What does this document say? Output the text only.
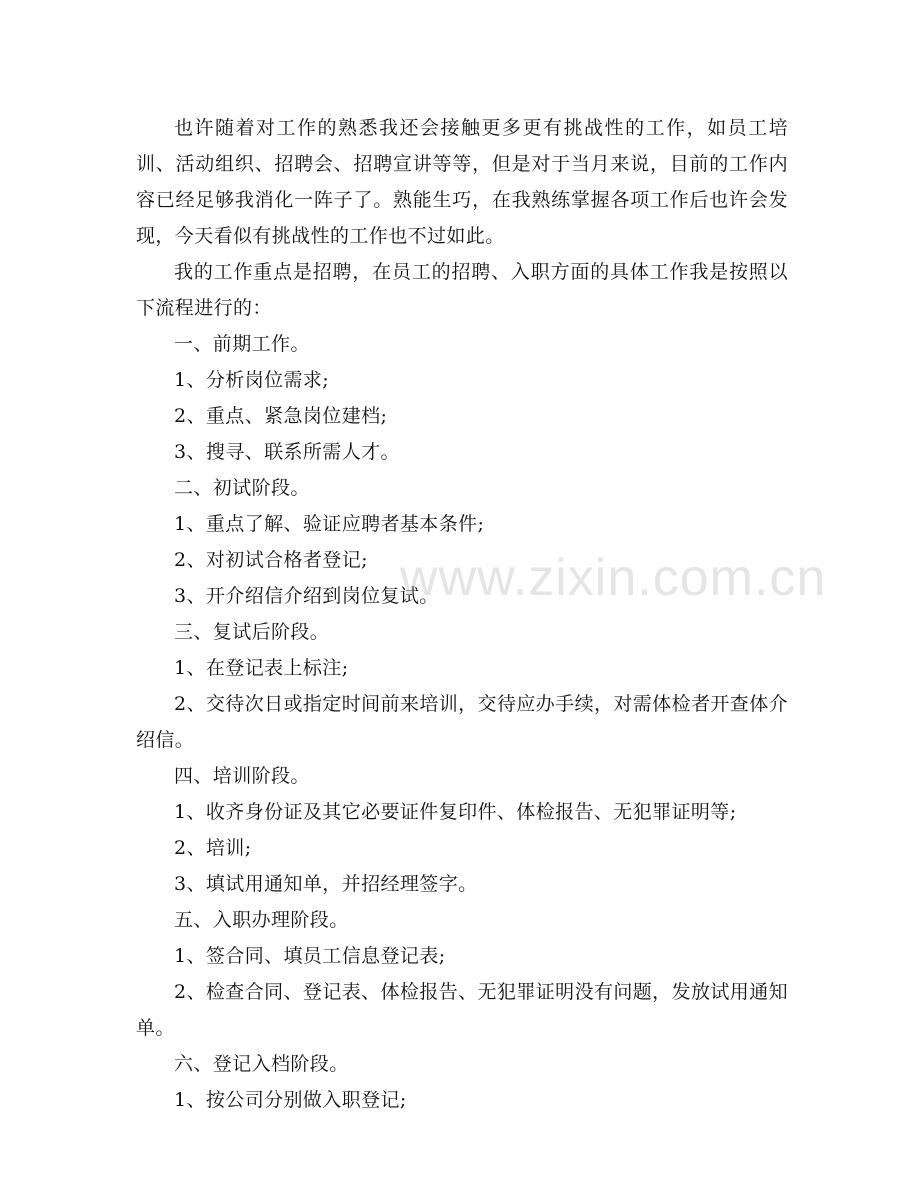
也许随着对工作的熟悉我还会接触更多更有挑战性的工作，如员工培训、活动组织、招聘会、招聘宣讲等等，但是对于当月来说，目前的工作内容已经足够我消化一阵子了。熟能生巧，在我熟练掌握各项工作后也许会发现，今天看似有挑战性的工作也不过如此。

我的工作重点是招聘，在员工的招聘、入职方面的具体工作我是按照以下流程进行的：

一、前期工作。

1、分析岗位需求;

2、重点、紧急岗位建档;

3、搜寻、联系所需人才。

二、初试阶段。

1、重点了解、验证应聘者基本条件;

2、对初试合格者登记;

3、开介绍信介绍到岗位复试。

三、复试后阶段。

1、在登记表上标注;

2、交待次日或指定时间前来培训，交待应办手续，对需体检者开查体介绍信。

四、培训阶段。

1、收齐身份证及其它必要证件复印件、体检报告、无犯罪证明等;

2、培训;

3、填试用通知单，并招经理签字。

五、入职办理阶段。

1、签合同、填员工信息登记表;

2、检查合同、登记表、体检报告、无犯罪证明没有问题，发放试用通知单。

六、登记入档阶段。

1、按公司分别做入职登记;

www.zixin.com.cn
